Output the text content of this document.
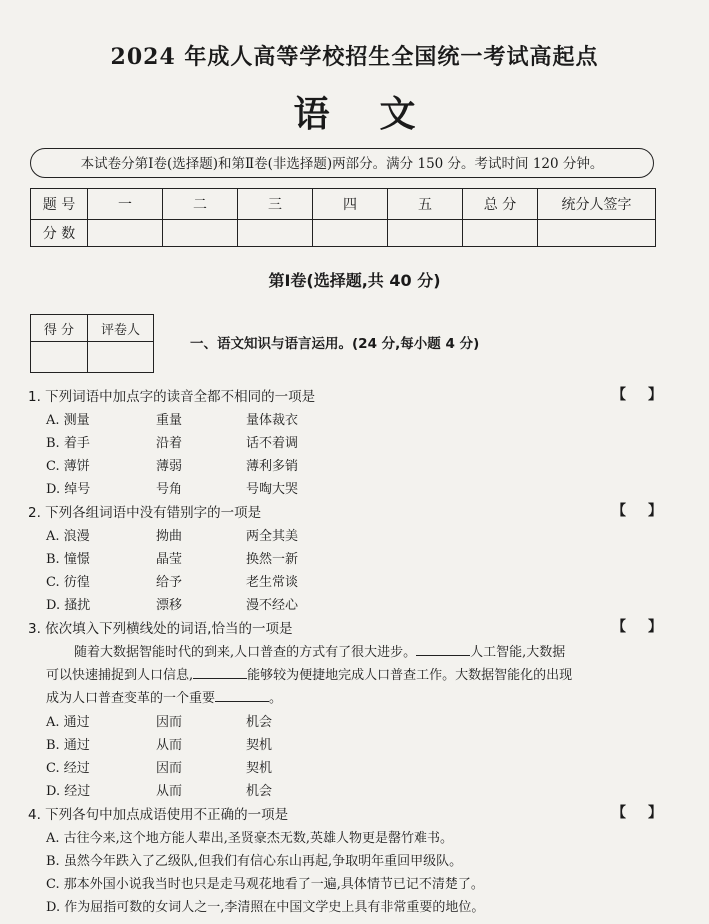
2024 年成人高等学校招生全国统一考试高起点
语文
本试卷分第Ⅰ卷(选择题)和第Ⅱ卷(非选择题)两部分。满分 150 分。考试时间 120 分钟。
题 号	一	二	三	四	五	总 分	统分人签字
分 数							
第Ⅰ卷(选择题,共 40 分)
得 分	评卷人

一、语文知识与语言运用。(24 分,每小题 4 分)
1. 下列词语中加点字的读音全都不相同的一项是	【 】
A. 测量	重量	量体裁衣
B. 着手	沿着	话不着调
C. 薄饼	薄弱	薄利多销
D. 绰号	号角	号啕大哭
2. 下列各组词语中没有错别字的一项是	【 】
A. 浪漫	拗曲	两全其美
B. 憧憬	晶莹	换然一新
C. 彷徨	给予	老生常谈
D. 搔扰	漂移	漫不经心
3. 依次填入下列横线处的词语,恰当的一项是	【 】
随着大数据智能时代的到来,人口普查的方式有了很大进步。	人工智能,大数据
可以快速捕捉到人口信息,	能够较为便捷地完成人口普查工作。大数据智能化的出现
成为人口普查变革的一个重要	。
A. 通过	因而	机会
B. 通过	从而	契机
C. 经过	因而	契机
D. 经过	从而	机会
4. 下列各句中加点成语使用不正确的一项是	【 】
A. 古往今来,这个地方能人辈出,圣贤豪杰无数,英雄人物更是罄竹难书。
B. 虽然今年跌入了乙级队,但我们有信心东山再起,争取明年重回甲级队。
C. 那本外国小说我当时也只是走马观花地看了一遍,具体情节已记不清楚了。
D. 作为屈指可数的女词人之一,李清照在中国文学史上具有非常重要的地位。
